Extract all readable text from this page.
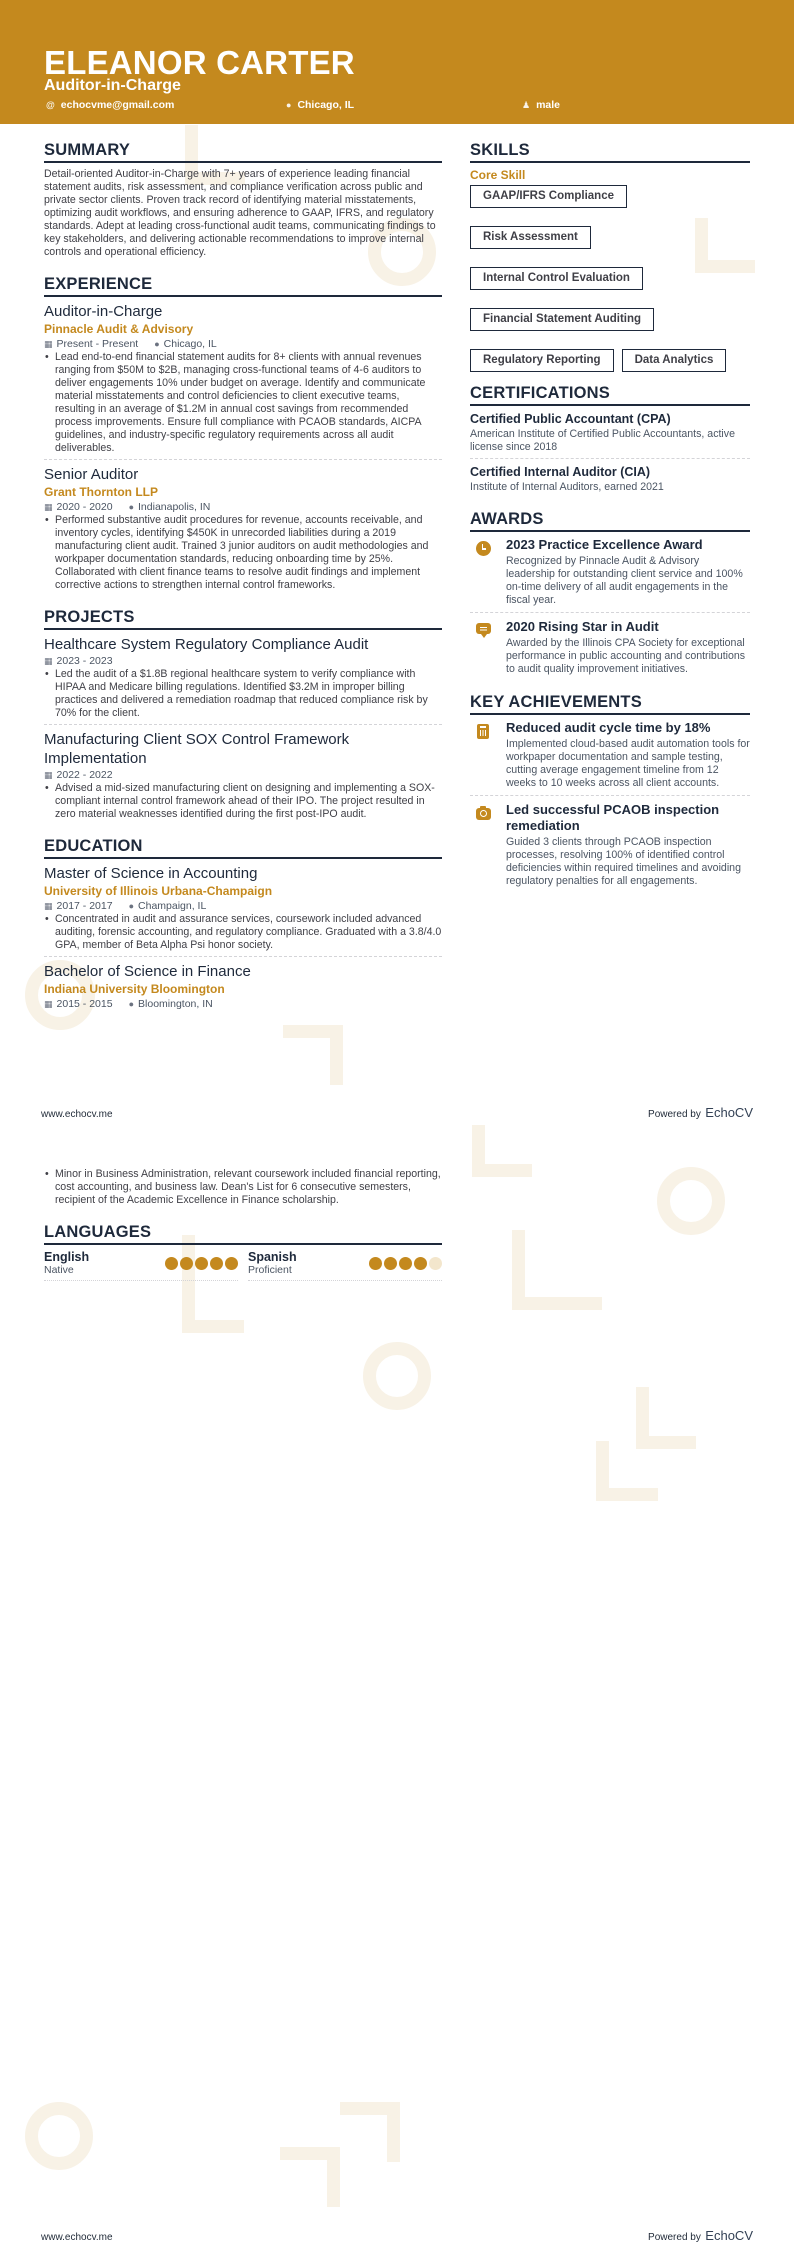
ELEANOR CARTER
Auditor-in-Charge
@ echocvme@gmail.com	● Chicago, IL	♟ male
SUMMARY
Detail-oriented Auditor-in-Charge with 7+ years of experience leading financial statement audits, risk assessment, and compliance verification across public and private sector clients. Proven track record of identifying material misstatements, optimizing audit workflows, and ensuring adherence to GAAP, IFRS, and regulatory standards. Adept at leading cross-functional audit teams, communicating findings to key stakeholders, and delivering actionable recommendations to improve internal controls and operational efficiency.
EXPERIENCE
Auditor-in-Charge
Pinnacle Audit & Advisory
▦ Present - Present ● Chicago, IL
• Lead end-to-end financial statement audits for 8+ clients with annual revenues ranging from $50M to $2B, managing cross-functional teams of 4-6 auditors to deliver engagements 10% under budget on average. Identify and communicate material misstatements and control deficiencies to client executive teams, resulting in an average of $1.2M in annual cost savings from recommended process improvements. Ensure full compliance with PCAOB standards, AICPA guidelines, and industry-specific regulatory requirements across all audit deliverables.
Senior Auditor
Grant Thornton LLP
▦ 2020 - 2020 ● Indianapolis, IN
• Performed substantive audit procedures for revenue, accounts receivable, and inventory cycles, identifying $450K in unrecorded liabilities during a 2019 manufacturing client audit. Trained 3 junior auditors on audit methodologies and workpaper documentation standards, reducing onboarding time by 25%. Collaborated with client finance teams to resolve audit findings and implement corrective actions to strengthen internal control frameworks.
PROJECTS
Healthcare System Regulatory Compliance Audit
▦ 2023 - 2023
• Led the audit of a $1.8B regional healthcare system to verify compliance with HIPAA and Medicare billing regulations. Identified $3.2M in improper billing practices and delivered a remediation roadmap that reduced compliance risk by 70% for the client.
Manufacturing Client SOX Control Framework Implementation
▦ 2022 - 2022
• Advised a mid-sized manufacturing client on designing and implementing a SOX-compliant internal control framework ahead of their IPO. The project resulted in zero material weaknesses identified during the first post-IPO audit.
EDUCATION
Master of Science in Accounting
University of Illinois Urbana-Champaign
▦ 2017 - 2017 ● Champaign, IL
• Concentrated in audit and assurance services, coursework included advanced auditing, forensic accounting, and regulatory compliance. Graduated with a 3.8/4.0 GPA, member of Beta Alpha Psi honor society.
Bachelor of Science in Finance
Indiana University Bloomington
▦ 2015 - 2015 ● Bloomington, IN
SKILLS
Core Skill
GAAP/IFRS Compliance
Risk Assessment
Internal Control Evaluation
Financial Statement Auditing
Regulatory Reporting	Data Analytics
CERTIFICATIONS
Certified Public Accountant (CPA)
American Institute of Certified Public Accountants, active license since 2018
Certified Internal Auditor (CIA)
Institute of Internal Auditors, earned 2021
AWARDS
2023 Practice Excellence Award
Recognized by Pinnacle Audit & Advisory leadership for outstanding client service and 100% on-time delivery of all audit engagements in the fiscal year.
2020 Rising Star in Audit
Awarded by the Illinois CPA Society for exceptional performance in public accounting and contributions to audit quality improvement initiatives.
KEY ACHIEVEMENTS
Reduced audit cycle time by 18%
Implemented cloud-based audit automation tools for workpaper documentation and sample testing, cutting average engagement timeline from 12 weeks to 10 weeks across all client accounts.
Led successful PCAOB inspection remediation
Guided 3 clients through PCAOB inspection processes, resolving 100% of identified control deficiencies within required timelines and avoiding regulatory penalties for all engagements.
www.echocv.me	Powered by EchoCV
• Minor in Business Administration, relevant coursework included financial reporting, cost accounting, and business law. Dean's List for 6 consecutive semesters, recipient of the Academic Excellence in Finance scholarship.
LANGUAGES
English
Native
Spanish
Proficient
www.echocv.me	Powered by EchoCV
